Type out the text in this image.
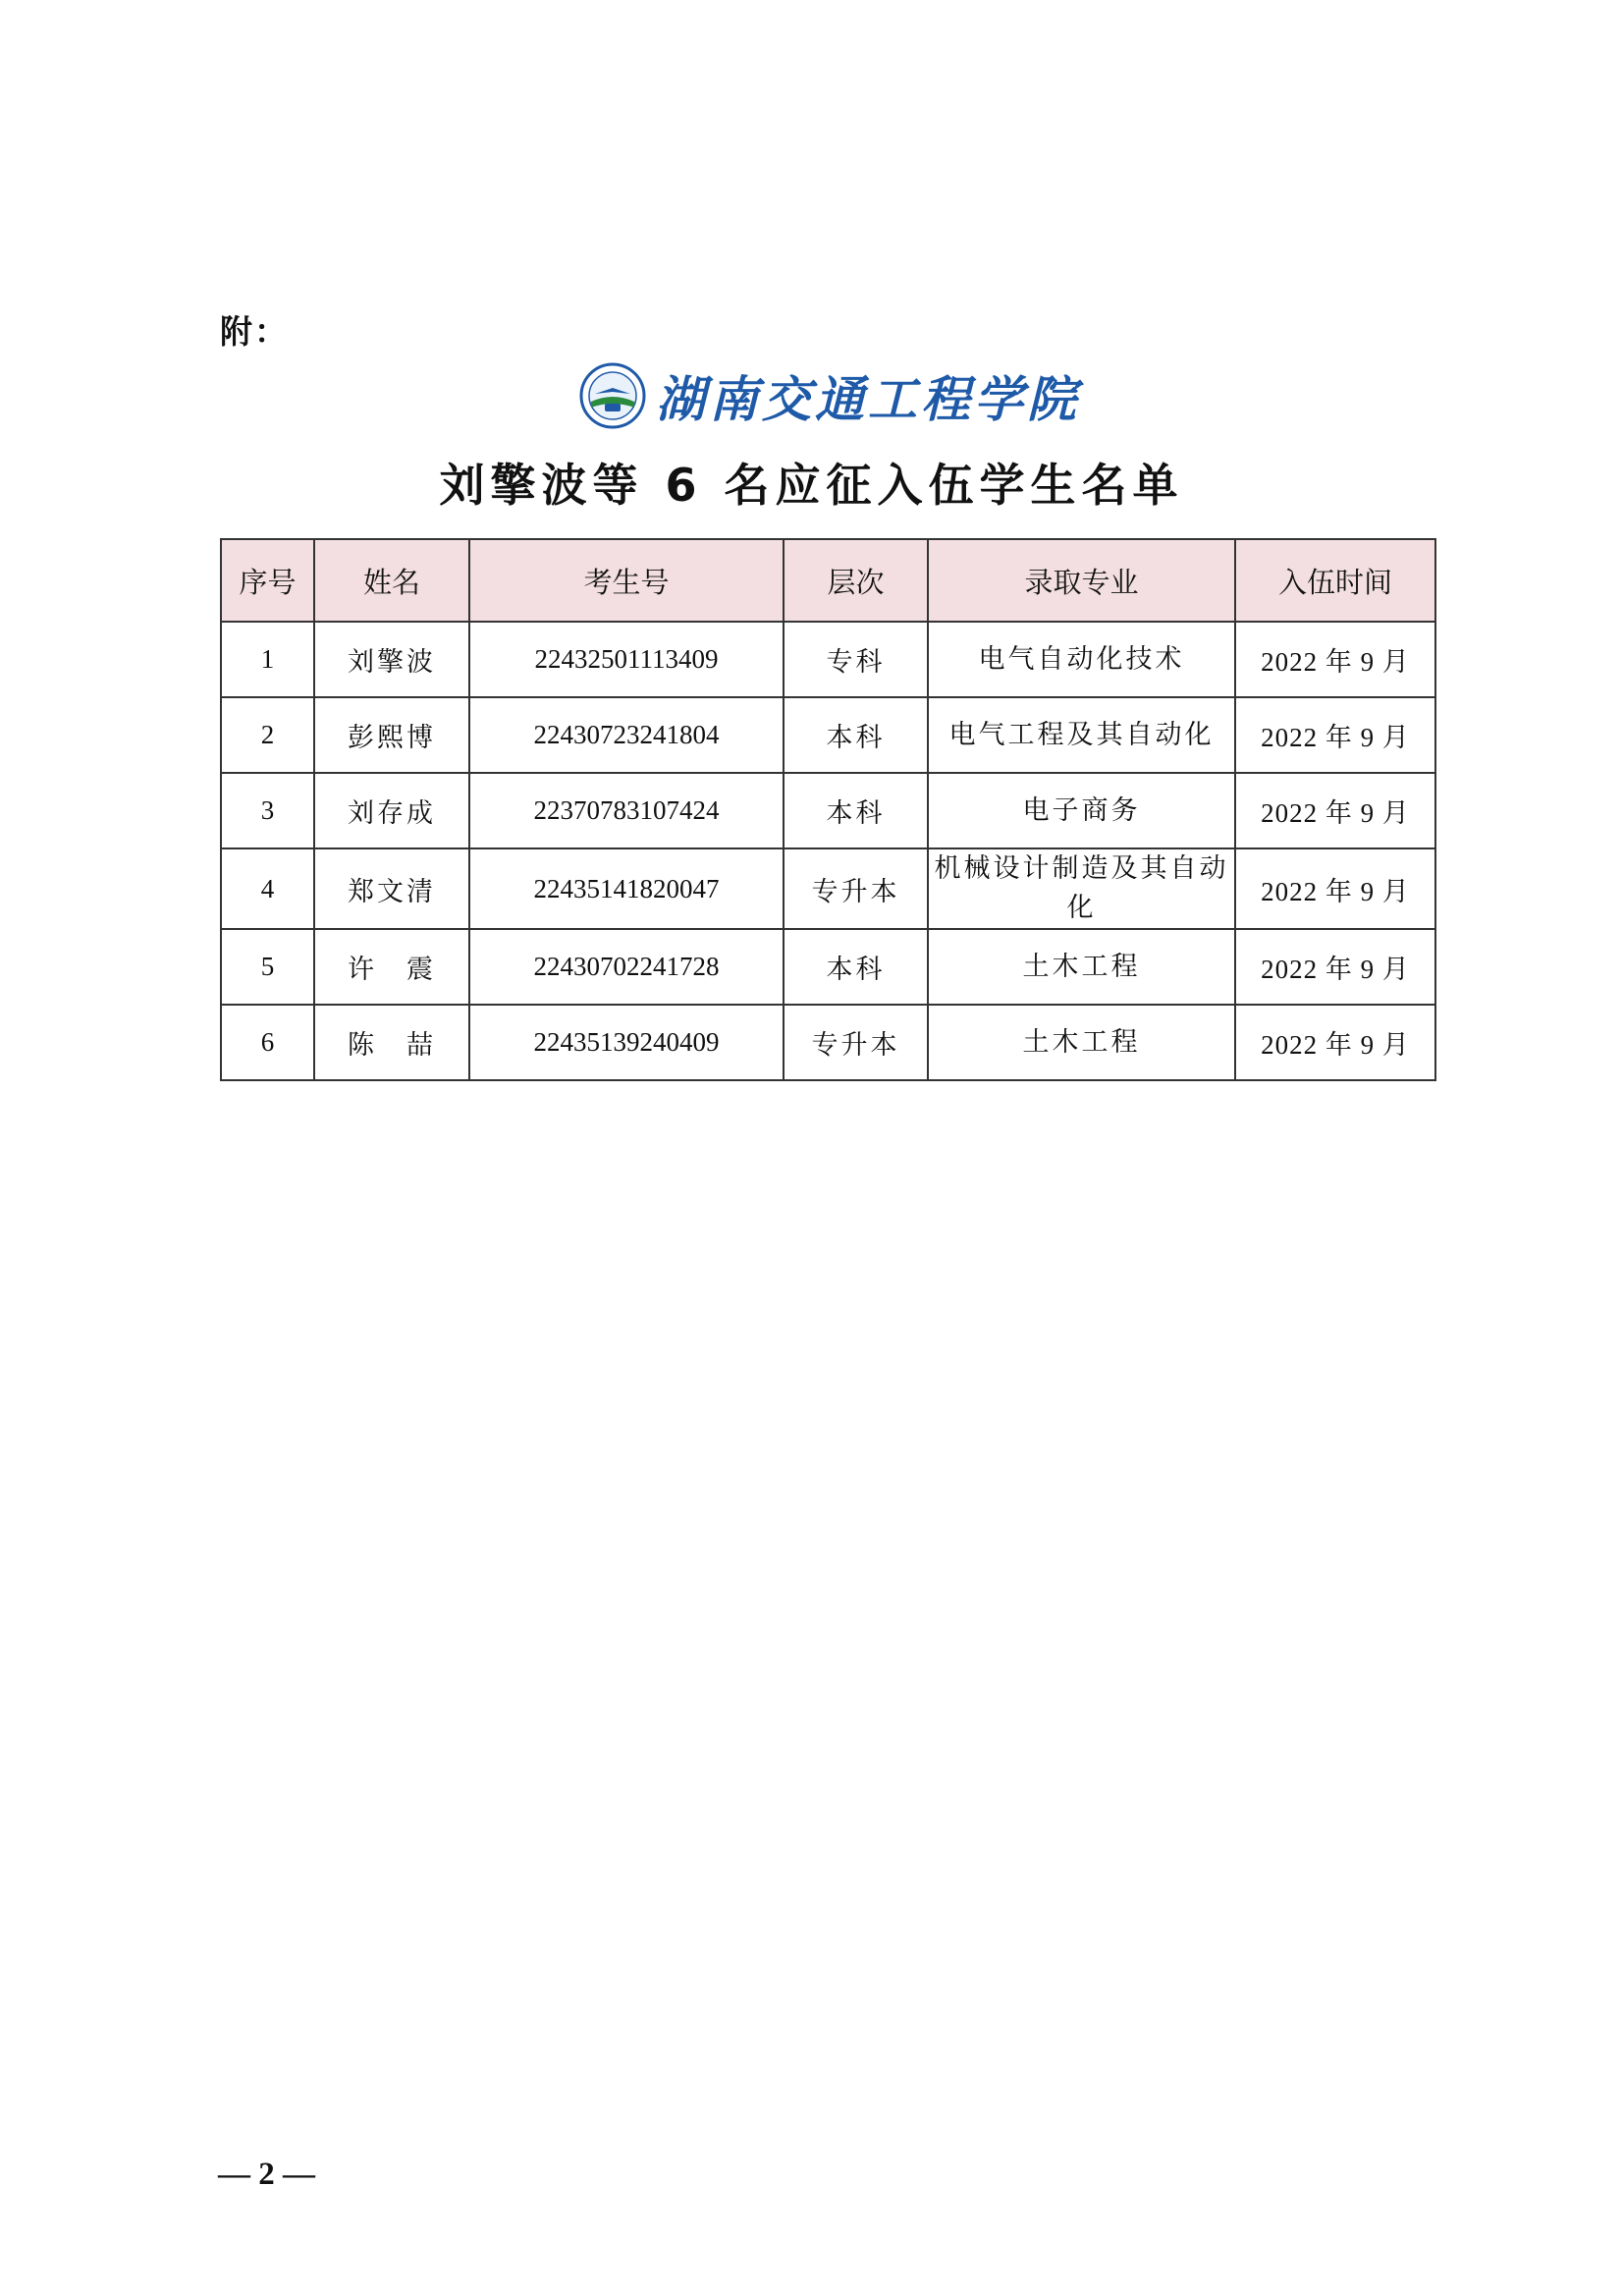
附：
湖南交通工程学院
刘擎波等 6 名应征入伍学生名单
序号	姓名	考生号	层次	录取专业	入伍时间
1	刘擎波	22432501113409	专科	电气自动化技术	2022 年 9 月
2	彭熙博	22430723241804	本科	电气工程及其自动化	2022 年 9 月
3	刘存成	22370783107424	本科	电子商务	2022 年 9 月
4	郑文清	22435141820047	专升本	机械设计制造及其自动化	2022 年 9 月
5	许　震	22430702241728	本科	土木工程	2022 年 9 月
6	陈　喆	22435139240409	专升本	土木工程	2022 年 9 月
— 2 —
